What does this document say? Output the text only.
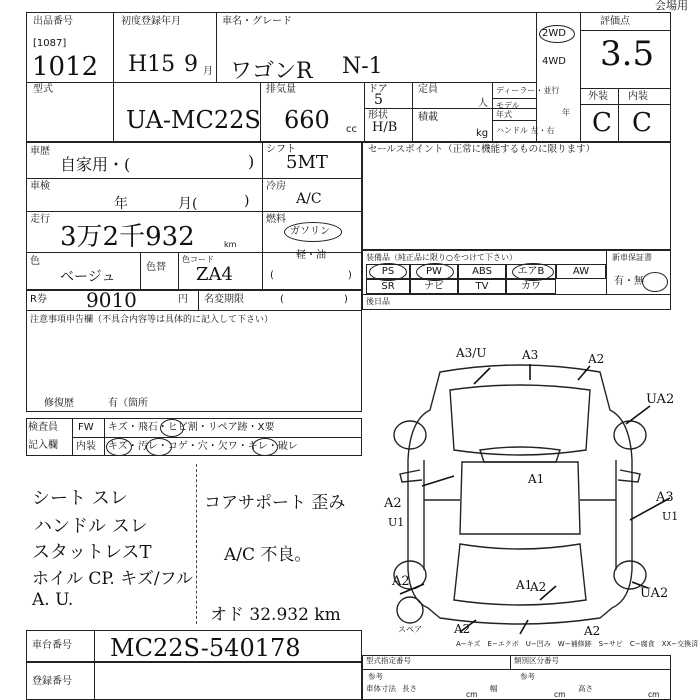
会場用
出品番号
[1087]
1012
初度登録年月
H15 9 月
車名・グレード
ワゴンR N-1
2WD
4WD
評価点
3.5
型式
UA-MC22S
排気量
660 cc
ドア
5
形状
H/B
定員
人
積載
kg
ディーラー・並行
モデル年式	年
ハンドル 左・右
外装 内装
C C
車歴
自家用・(	)
車検
年	月(	)
走行
3万2千932	km
色
ベージュ
色替
色コード
ZA4
R券 9010	円 名変期限	(	)
注意事項申告欄（不具合内容等は具体的に記入して下さい）
修復歴	有（箇所
シフト
5MT
冷房
A/C
燃料
ガソリン
軽・油
(	)
セールスポイント（正常に機能するものに限ります）
装備品（純正品に限り○をつけて下さい）	新車保証書
有・無
後日品
PS	PW	ABS	エアB	AW
SR	ナビ	TV	カワ
検査員
記入欄
FW キズ・飛石・ヒビ割・リペア跡・X要
内装 キズ・汚レ・コゲ・穴・欠ワ・キレ・破レ
シート スレ
ハンドル スレ
スタットレスT
ホイル CP. キズ/フル
A. U.
コアサポート 歪み
A/C 不良。
オド 32.932 km
A3/U	A3	A2
UA2
A1
A3
U1
A2
U1
A1
A2	A2	UA2
A2	A2
スペア
A−キズ　E−エクボ　U−凹み　W−補修跡　S−サビ　C−腐食　XX−交換済
車台番号 MC22S-540178
登録番号
型式指定番号	類別区分番号
参考	参考
車体寸法 長さ
cm
幅
cm
高さ
cm
